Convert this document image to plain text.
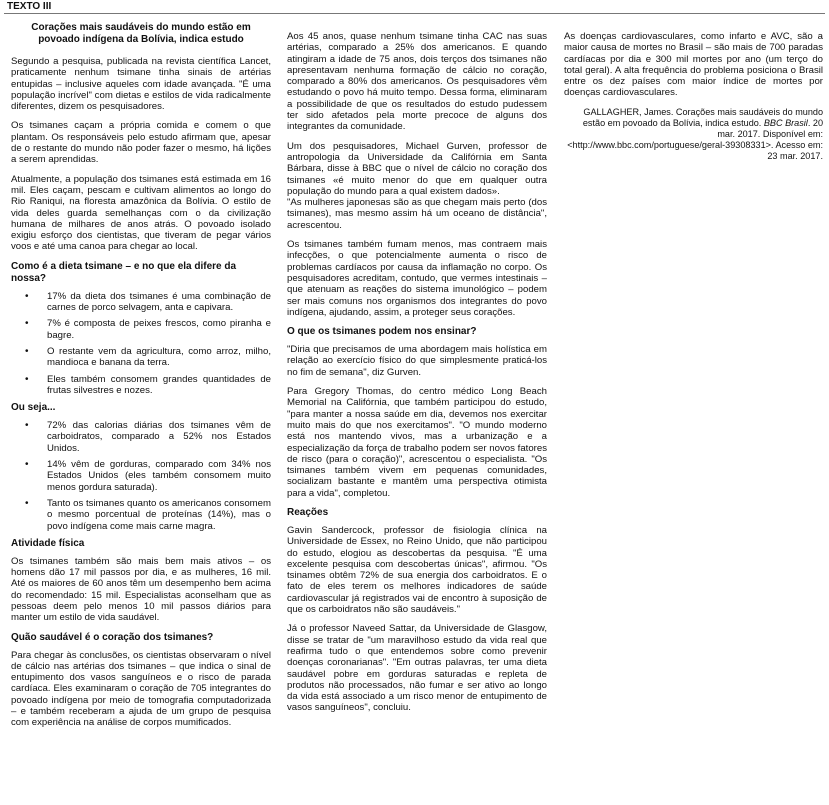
TEXTO III
Corações mais saudáveis do mundo estão em povoado indígena da Bolívia, indica estudo

Segundo a pesquisa, publicada na revista científica Lancet, praticamente nenhum tsimane tinha sinais de artérias entupidas – inclusive aqueles com idade avançada. "É uma população incrível" com dietas e estilos de vida radicalmente diferentes, dizem os pesquisadores.

Os tsimanes caçam a própria comida e comem o que plantam. Os responsáveis pelo estudo afirmam que, apesar de o restante do mundo não poder fazer o mesmo, há lições a serem aprendidas.

Atualmente, a população dos tsimanes está estimada em 16 mil. Eles caçam, pescam e cultivam alimentos ao longo do Rio Raniqui, na floresta amazônica da Bolívia. O estilo de vida deles guarda semelhanças com o da civilização humana de milhares de anos atrás. O povoado isolado exigiu esforço dos cientistas, que tiveram de pegar vários voos e até uma canoa para chegar ao local.

Como é a dieta tsimane – e no que ela difere da nossa?
• 17% da dieta dos tsimanes é uma combinação de carnes de porco selvagem, anta e capivara.
• 7% é composta de peixes frescos, como piranha e bagre.
• O restante vem da agricultura, como arroz, milho, mandioca e banana da terra.
• Eles também consomem grandes quantidades de frutas silvestres e nozes.
Ou seja...
• 72% das calorias diárias dos tsimanes vêm de carboidratos, comparado a 52% nos Estados Unidos.
• 14% vêm de gorduras, comparado com 34% nos Estados Unidos (eles também consomem muito menos gordura saturada).
• Tanto os tsimanes quanto os americanos consomem o mesmo porcentual de proteínas (14%), mas o povo indígena come mais carne magra.
Atividade física

Os tsimanes também são mais bem mais ativos – os homens dão 17 mil passos por dia, e as mulheres, 16 mil. Até os maiores de 60 anos têm um desempenho bem acima do recomendado: 15 mil. Especialistas aconselham que as pessoas deem pelo menos 10 mil passos diários para manter um estilo de vida saudável.

Quão saudável é o coração dos tsimanes?

Para chegar às conclusões, os cientistas observaram o nível de cálcio nas artérias dos tsimanes – que indica o sinal de entupimento dos vasos sanguíneos e o risco de parada cardíaca. Eles examinaram o coração de 705 integrantes do povoado indígena por meio de tomografia computadorizada – e também receberam a ajuda de um grupo de pesquisa com experiência na análise de corpos mumificados.

Aos 45 anos, quase nenhum tsimane tinha CAC nas suas artérias, comparado a 25% dos americanos. E quando atingiram a idade de 75 anos, dois terços dos tsimanes não apresentavam nenhuma formação de cálcio no coração, comparado a 80% dos americanos. Os pesquisadores vêm estudando o povo há muito tempo. Dessa forma, eliminaram a possibilidade de que os resultados do estudo pudessem ter sido afetados pela morte precoce de alguns dos integrantes da comunidade.

Um dos pesquisadores, Michael Gurven, professor de antropologia da Universidade da Califórnia em Santa Bárbara, disse à BBC que o nível de cálcio no coração dos tsimanes «é muito menor do que em qualquer outra população do mundo para a qual existem dados».

"As mulheres japonesas são as que chegam mais perto (dos tsimanes), mas mesmo assim há um oceano de distância", acrescentou.

Os tsimanes também fumam menos, mas contraem mais infecções, o que potencialmente aumenta o risco de problemas cardíacos por causa da inflamação no corpo. Os pesquisadores acreditam, contudo, que vermes intestinais – que atenuam as reações do sistema imunológico – podem ser mais comuns nos organismos dos integrantes do povo indígena, ajudando, assim, a proteger seus corações.

O que os tsimanes podem nos ensinar?

"Diria que precisamos de uma abordagem mais holística em relação ao exercício físico do que simplesmente praticá-los no fim de semana", diz Gurven.

Para Gregory Thomas, do centro médico Long Beach Memorial na Califórnia, que também participou do estudo, "para manter a nossa saúde em dia, devemos nos exercitar muito mais do que nos exercitamos". "O mundo moderno está nos mantendo vivos, mas a urbanização e a especialização da força de trabalho podem ser novos fatores de risco (para o coração)", acrescentou o especialista. "Os tsimanes também vivem em pequenas comunidades, socializam bastante e mantêm uma perspectiva otimista para a vida", completou.

Reações

Gavin Sandercock, professor de fisiologia clínica na Universidade de Essex, no Reino Unido, que não participou do estudo, elogiou as descobertas da pesquisa. "É uma excelente pesquisa com descobertas únicas", afirmou. "Os tsinames obtêm 72% de sua energia dos carboidratos. E o fato de eles terem os melhores indicadores de saúde cardiovascular já registrados vai de encontro à suposição de que os carboidratos não são saudáveis."

Já o professor Naveed Sattar, da Universidade de Glasgow, disse se tratar de "um maravilhoso estudo da vida real que reafirma tudo o que entendemos sobre como prevenir doenças coronarianas". "Em outras palavras, ter uma dieta saudável pobre em gorduras saturadas e repleta de produtos não processados, não fumar e ser ativo ao longo da vida está associado a um risco menor de entupimento de vasos sanguíneos", concluiu.

As doenças cardiovasculares, como infarto e AVC, são a maior causa de mortes no Brasil – são mais de 700 paradas cardíacas por dia e 300 mil mortes por ano (um terço do total geral). A alta frequência do problema posiciona o Brasil entre os dez países com maior índice de mortes por doenças cardiovasculares.

GALLAGHER, James. Corações mais saudáveis do mundo estão em povoado da Bolívia, indica estudo. BBC Brasil. 20 mar. 2017. Disponível em: <http://www.bbc.com/portuguese/geral-39308331>. Acesso em: 23 mar. 2017.
